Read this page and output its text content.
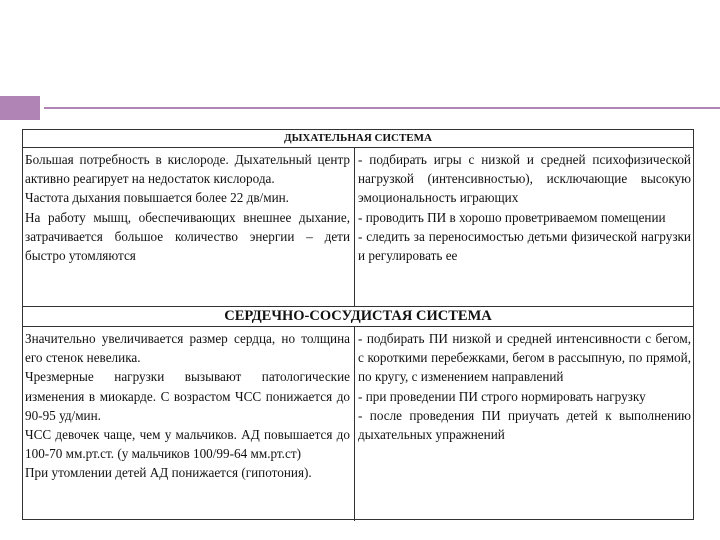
ДЫХАТЕЛЬНАЯ СИСТЕМА

Большая потребность в кислороде. Дыхательный центр активно реагирует на недостаток кислорода.

Частота дыхания повышается более 22 дв/мин.

На работу мышц, обеспечивающих внешнее дыхание, затрачивается большое количество энергии – дети быстро утомляются

- подбирать игры с низкой и средней психофизической нагрузкой (интенсивностью), исключающие высокую эмоциональность играющих

- проводить ПИ в хорошо проветриваемом помещении

- следить за переносимостью детьми физической нагрузки и регулировать ее

СЕРДЕЧНО-СОСУДИСТАЯ СИСТЕМА

Значительно увеличивается размер сердца, но толщина его стенок невелика.

Чрезмерные нагрузки вызывают патологические изменения в миокарде. С возрастом ЧСС понижается до 90-95 уд/мин.

ЧСС девочек чаще, чем у мальчиков. АД повышается до 100-70 мм.рт.ст. (у мальчиков 100/99-64 мм.рт.ст)

При утомлении детей АД понижается (гипотония).

- подбирать ПИ низкой и средней интенсивности с бегом, с короткими перебежками, бегом в рассыпную, по прямой, по кругу, с изменением направлений

- при проведении ПИ строго нормировать нагрузку

- после проведения ПИ приучать детей к выполнению дыхательных упражнений
